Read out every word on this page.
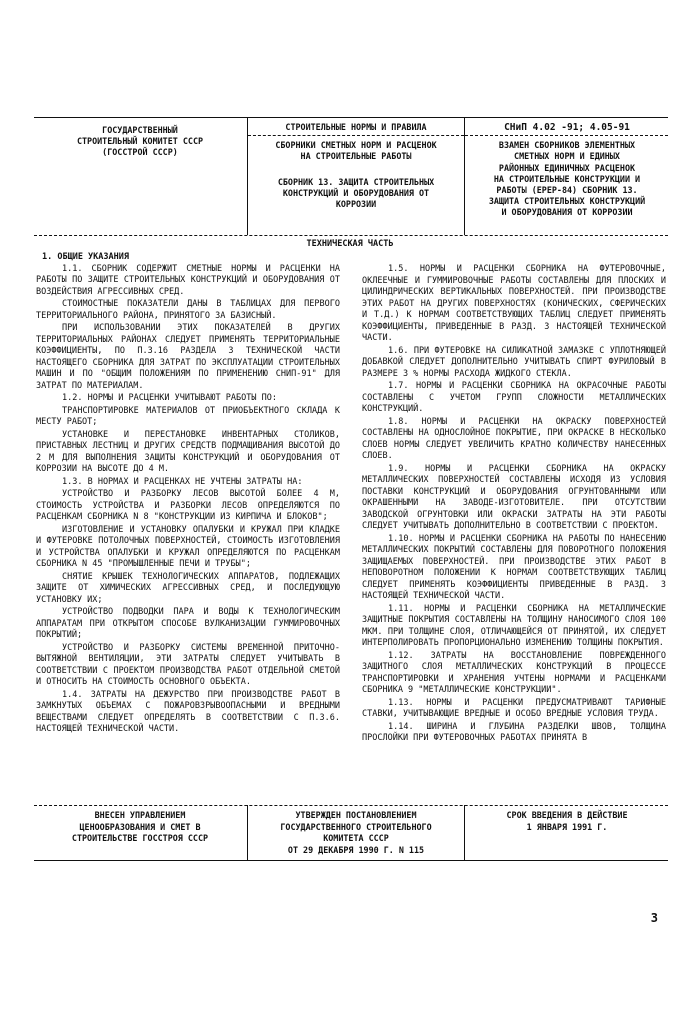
ГОСУДАРСТВЕННЫЙ

СТРОИТЕЛЬНЫЙ КОМИТЕТ СССР

(ГОССТРОЙ СССР)

СТРОИТЕЛЬНЫЕ НОРМЫ И ПРАВИЛА

СБОРНИКИ СМЕТНЫХ НОРМ И РАСЦЕНОК

НА СТРОИТЕЛЬНЫЕ РАБОТЫ

СБОРНИК 13. ЗАЩИТА СТРОИТЕЛЬНЫХ

КОНСТРУКЦИЙ И ОБОРУДОВАНИЯ ОТ

КОРРОЗИИ

СНиП 4.02 -91; 4.05-91

ВЗАМЕН СБОРНИКОВ ЭЛЕМЕНТНЫХ

СМЕТНЫХ НОРМ И ЕДИНЫХ

РАЙОННЫХ ЕДИНИЧНЫХ РАСЦЕНОК

НА СТРОИТЕЛЬНЫЕ КОНСТРУКЦИИ И

РАБОТЫ (ЕРЕР-84) СБОРНИК 13.

ЗАЩИТА СТРОИТЕЛЬНЫХ КОНСТРУКЦИЙ

И ОБОРУДОВАНИЯ ОТ КОРРОЗИИ

ТЕХНИЧЕСКАЯ ЧАСТЬ
1. ОБЩИЕ УКАЗАНИЯ

1.1. СБОРНИК СОДЕРЖИТ СМЕТНЫЕ НОРМЫ И РАСЦЕНКИ НА РАБОТЫ ПО ЗАЩИТЕ СТРОИТЕЛЬНЫХ КОНСТРУКЦИЙ И ОБОРУДОВАНИЯ ОТ ВОЗДЕЙСТВИЯ АГРЕССИВНЫХ СРЕД.

СТОИМОСТНЫЕ ПОКАЗАТЕЛИ ДАНЫ В ТАБЛИЦАХ ДЛЯ ПЕРВОГО ТЕРРИТОРИАЛЬНОГО РАЙОНА, ПРИНЯТОГО ЗА БАЗИСНЫЙ.

ПРИ ИСПОЛЬЗОВАНИИ ЭТИХ ПОКАЗАТЕЛЕЙ В ДРУГИХ ТЕРРИТОРИАЛЬНЫХ РАЙОНАХ СЛЕДУЕТ ПРИМЕНЯТЬ ТЕРРИТОРИАЛЬНЫЕ КОЭФФИЦИЕНТЫ, ПО П.3.16 РАЗДЕЛА 3 ТЕХНИЧЕСКОЙ ЧАСТИ НАСТОЯЩЕГО СБОРНИКА ДЛЯ ЗАТРАТ ПО ЭКСПЛУАТАЦИИ СТРОИТЕЛЬНЫХ МАШИН И ПО "ОБЩИМ ПОЛОЖЕНИЯМ ПО ПРИМЕНЕНИЮ СНИП-91" ДЛЯ ЗАТРАТ ПО МАТЕРИАЛАМ.

1.2. НОРМЫ И РАСЦЕНКИ УЧИТЫВАЮТ РАБОТЫ ПО:

ТРАНСПОРТИРОВКЕ МАТЕРИАЛОВ ОТ ПРИОБЪЕКТНОГО СКЛАДА К МЕСТУ РАБОТ;

УСТАНОВКЕ И ПЕРЕСТАНОВКЕ ИНВЕНТАРНЫХ СТОЛИКОВ, ПРИСТАВНЫХ ЛЕСТНИЦ И ДРУГИХ СРЕДСТВ ПОДМАЩИВАНИЯ ВЫСОТОЙ ДО 2 М ДЛЯ ВЫПОЛНЕНИЯ ЗАЩИТЫ КОНСТРУКЦИЙ И ОБОРУДОВАНИЯ ОТ КОРРОЗИИ НА ВЫСОТЕ ДО 4 М.

1.3. В НОРМАХ И РАСЦЕНКАХ НЕ УЧТЕНЫ ЗАТРАТЫ НА:

УСТРОЙСТВО И РАЗБОРКУ ЛЕСОВ ВЫСОТОЙ БОЛЕЕ 4 М, СТОИМОСТЬ УСТРОЙСТВА И РАЗБОРКИ ЛЕСОВ ОПРЕДЕЛЯЮТСЯ ПО РАСЦЕНКАМ СБОРНИКА N 8 "КОНСТРУКЦИИ ИЗ КИРПИЧА И БЛОКОВ";

ИЗГОТОВЛЕНИЕ И УСТАНОВКУ ОПАЛУБКИ И КРУЖАЛ ПРИ КЛАДКЕ И ФУТЕРОВКЕ ПОТОЛОЧНЫХ ПОВЕРХНОСТЕЙ, СТОИМОСТЬ ИЗГОТОВЛЕНИЯ И УСТРОЙСТВА ОПАЛУБКИ И КРУЖАЛ ОПРЕДЕЛЯЮТСЯ ПО РАСЦЕНКАМ СБОРНИКА N 45 "ПРОМЫШЛЕННЫЕ ПЕЧИ И ТРУБЫ";

СНЯТИЕ КРЫШЕК ТЕХНОЛОГИЧЕСКИХ АППАРАТОВ, ПОДЛЕЖАЩИХ ЗАЩИТЕ ОТ ХИМИЧЕСКИХ АГРЕССИВНЫХ СРЕД, И ПОСЛЕДУЮЩУЮ УСТАНОВКУ ИХ;

УСТРОЙСТВО ПОДВОДКИ ПАРА И ВОДЫ К ТЕХНОЛОГИЧЕСКИМ АППАРАТАМ ПРИ ОТКРЫТОМ СПОСОБЕ ВУЛКАНИЗАЦИИ ГУММИРОВОЧНЫХ ПОКРЫТИЙ;

УСТРОЙСТВО И РАЗБОРКУ СИСТЕМЫ ВРЕМЕННОЙ ПРИТОЧНО-ВЫТЯЖНОЙ ВЕНТИЛЯЦИИ, ЭТИ ЗАТРАТЫ СЛЕДУЕТ УЧИТЫВАТЬ В СООТВЕТСТВИИ С ПРОЕКТОМ ПРОИЗВОДСТВА РАБОТ ОТДЕЛЬНОЙ СМЕТОЙ И ОТНОСИТЬ НА СТОИМОСТЬ ОСНОВНОГО ОБЪЕКТА.

1.4. ЗАТРАТЫ НА ДЕЖУРСТВО ПРИ ПРОИЗВОДСТВЕ РАБОТ В ЗАМКНУТЫХ ОБЪЕМАХ С ПОЖАРОВЗРЫВООПАСНЫМИ И ВРЕДНЫМИ ВЕЩЕСТВАМИ СЛЕДУЕТ ОПРЕДЕЛЯТЬ В СООТВЕТСТВИИ С П.3.6. НАСТОЯЩЕЙ ТЕХНИЧЕСКОЙ ЧАСТИ.

1.5. НОРМЫ И РАСЦЕНКИ СБОРНИКА НА ФУТЕРОВОЧНЫЕ, ОКЛЕЕЧНЫЕ И ГУММИРОВОЧНЫЕ РАБОТЫ СОСТАВЛЕНЫ ДЛЯ ПЛОСКИХ И ЦИЛИНДРИЧЕСКИХ ВЕРТИКАЛЬНЫХ ПОВЕРХНОСТЕЙ. ПРИ ПРОИЗВОДСТВЕ ЭТИХ РАБОТ НА ДРУГИХ ПОВЕРХНОСТЯХ (КОНИЧЕСКИХ, СФЕРИЧЕСКИХ И Т.Д.) К НОРМАМ СООТВЕТСТВУЮЩИХ ТАБЛИЦ СЛЕДУЕТ ПРИМЕНЯТЬ КОЭФФИЦИЕНТЫ, ПРИВЕДЕННЫЕ В РАЗД. 3 НАСТОЯЩЕЙ ТЕХНИЧЕСКОЙ ЧАСТИ.

1.6. ПРИ ФУТЕРОВКЕ НА СИЛИКАТНОЙ ЗАМАЗКЕ С УПЛОТНЯЮЩЕЙ ДОБАВКОЙ СЛЕДУЕТ ДОПОЛНИТЕЛЬНО УЧИТЫВАТЬ СПИРТ ФУРИЛОВЫЙ В РАЗМЕРЕ 3 % НОРМЫ РАСХОДА ЖИДКОГО СТЕКЛА.

1.7. НОРМЫ И РАСЦЕНКИ СБОРНИКА НА ОКРАСОЧНЫЕ РАБОТЫ СОСТАВЛЕНЫ С УЧЕТОМ ГРУПП СЛОЖНОСТИ МЕТАЛЛИЧЕСКИХ КОНСТРУКЦИЙ.

1.8. НОРМЫ И РАСЦЕНКИ НА ОКРАСКУ ПОВЕРХНОСТЕЙ СОСТАВЛЕНЫ НА ОДНОСЛОЙНОЕ ПОКРЫТИЕ, ПРИ ОКРАСКЕ В НЕСКОЛЬКО СЛОЕВ НОРМЫ СЛЕДУЕТ УВЕЛИЧИТЬ КРАТНО КОЛИЧЕСТВУ НАНЕСЕННЫХ СЛОЕВ.

1.9. НОРМЫ И РАСЦЕНКИ СБОРНИКА НА ОКРАСКУ МЕТАЛЛИЧЕСКИХ ПОВЕРХНОСТЕЙ СОСТАВЛЕНЫ ИСХОДЯ ИЗ УСЛОВИЯ ПОСТАВКИ КОНСТРУКЦИЙ И ОБОРУДОВАНИЯ ОГРУНТОВАННЫМИ ИЛИ ОКРАШЕННЫМИ НА ЗАВОДЕ-ИЗГОТОВИТЕЛЕ. ПРИ ОТСУТСТВИИ ЗАВОДСКОЙ ОГРУНТОВКИ ИЛИ ОКРАСКИ ЗАТРАТЫ НА ЭТИ РАБОТЫ СЛЕДУЕТ УЧИТЫВАТЬ ДОПОЛНИТЕЛЬНО В СООТВЕТСТВИИ С ПРОЕКТОМ.

1.10. НОРМЫ И РАСЦЕНКИ СБОРНИКА НА РАБОТЫ ПО НАНЕСЕНИЮ МЕТАЛЛИЧЕСКИХ ПОКРЫТИЙ СОСТАВЛЕНЫ ДЛЯ ПОВОРОТНОГО ПОЛОЖЕНИЯ ЗАЩИЩАЕМЫХ ПОВЕРХНОСТЕЙ. ПРИ ПРОИЗВОДСТВЕ ЭТИХ РАБОТ В НЕПОВОРОТНОМ ПОЛОЖЕНИИ К НОРМАМ СООТВЕТСТВУЮЩИХ ТАБЛИЦ СЛЕДУЕТ ПРИМЕНЯТЬ КОЭФФИЦИЕНТЫ ПРИВЕДЕННЫЕ В РАЗД. 3 НАСТОЯЩЕЙ ТЕХНИЧЕСКОЙ ЧАСТИ.

1.11. НОРМЫ И РАСЦЕНКИ СБОРНИКА НА МЕТАЛЛИЧЕСКИЕ ЗАЩИТНЫЕ ПОКРЫТИЯ СОСТАВЛЕНЫ НА ТОЛЩИНУ НАНОСИМОГО СЛОЯ 100 МКМ. ПРИ ТОЛЩИНЕ СЛОЯ, ОТЛИЧАЮЩЕЙСЯ ОТ ПРИНЯТОЙ, ИХ СЛЕДУЕТ ИНТЕРПОЛИРОВАТЬ ПРОПОРЦИОНАЛЬНО ИЗМЕНЕНИЮ ТОЛЩИНЫ ПОКРЫТИЯ.

1.12. ЗАТРАТЫ НА ВОССТАНОВЛЕНИЕ ПОВРЕЖДЕННОГО ЗАЩИТНОГО СЛОЯ МЕТАЛЛИЧЕСКИХ КОНСТРУКЦИЙ В ПРОЦЕССЕ ТРАНСПОРТИРОВКИ И ХРАНЕНИЯ УЧТЕНЫ НОРМАМИ И РАСЦЕНКАМИ СБОРНИКА 9 "МЕТАЛЛИЧЕСКИЕ КОНСТРУКЦИИ".

1.13. НОРМЫ И РАСЦЕНКИ ПРЕДУСМАТРИВАЮТ ТАРИФНЫЕ СТАВКИ, УЧИТЫВАЮЩИЕ ВРЕДНЫЕ И ОСОБО ВРЕДНЫЕ УСЛОВИЯ ТРУДА.

1.14. ШИРИНА И ГЛУБИНА РАЗДЕЛКИ ШВОВ, ТОЛЩИНА ПРОСЛОЙКИ ПРИ ФУТЕРОВОЧНЫХ РАБОТАХ ПРИНЯТА В

ВНЕСЕН УПРАВЛЕНИЕМ

ЦЕНООБРАЗОВАНИЯ И СМЕТ В

СТРОИТЕЛЬСТВЕ ГОССТРОЯ СССР

УТВЕРЖДЕН ПОСТАНОВЛЕНИЕМ

ГОСУДАРСТВЕННОГО СТРОИТЕЛЬНОГО

КОМИТЕТА СССР

ОТ 29 ДЕКАБРЯ 1990 Г. N 115

СРОК ВВЕДЕНИЯ В ДЕЙСТВИЕ

1 ЯНВАРЯ 1991 Г.

3
